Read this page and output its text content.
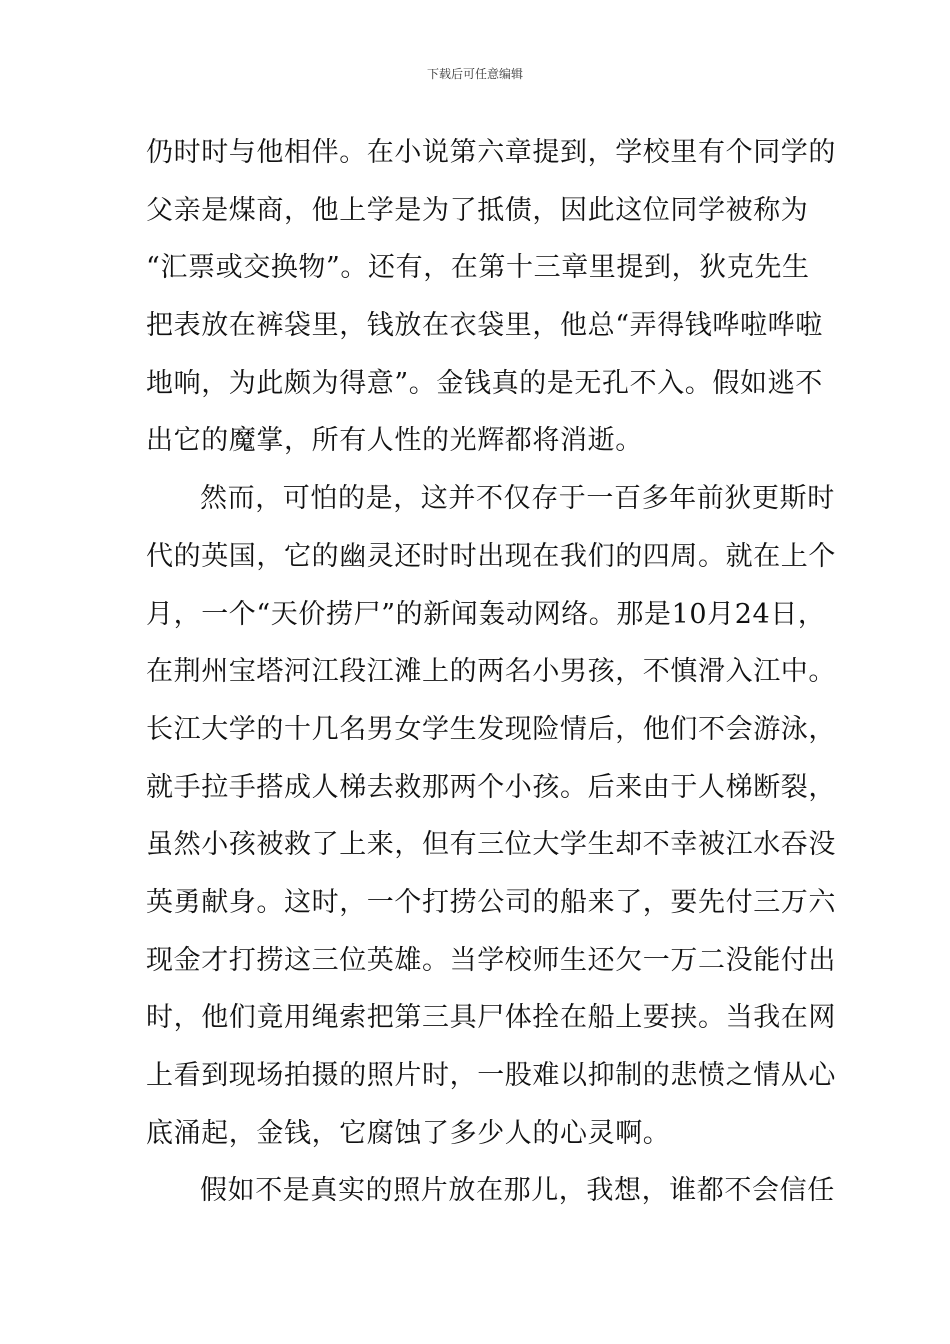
下载后可任意编辑
仍时时与他相伴。在小说第六章提到，学校里有个同学的
父亲是煤商，他上学是为了抵债，因此这位同学被称为
“汇票或交换物”。还有，在第十三章里提到，狄克先生
把表放在裤袋里，钱放在衣袋里，他总“弄得钱哗啦哗啦
地响，为此颇为得意”。金钱真的是无孔不入。假如逃不
出它的魔掌，所有人性的光辉都将消逝。
然而，可怕的是，这并不仅存于一百多年前狄更斯时
代的英国，它的幽灵还时时出现在我们的四周。就在上个
月，一个“天价捞尸”的新闻轰动网络。那是10月24日，
在荆州宝塔河江段江滩上的两名小男孩，不慎滑入江中。
长江大学的十几名男女学生发现险情后，他们不会游泳，
就手拉手搭成人梯去救那两个小孩。后来由于人梯断裂，
虽然小孩被救了上来，但有三位大学生却不幸被江水吞没
英勇献身。这时，一个打捞公司的船来了，要先付三万六
现金才打捞这三位英雄。当学校师生还欠一万二没能付出
时，他们竟用绳索把第三具尸体拴在船上要挟。当我在网
上看到现场拍摄的照片时，一股难以抑制的悲愤之情从心
底涌起，金钱，它腐蚀了多少人的心灵啊。
假如不是真实的照片放在那儿，我想，谁都不会信任
